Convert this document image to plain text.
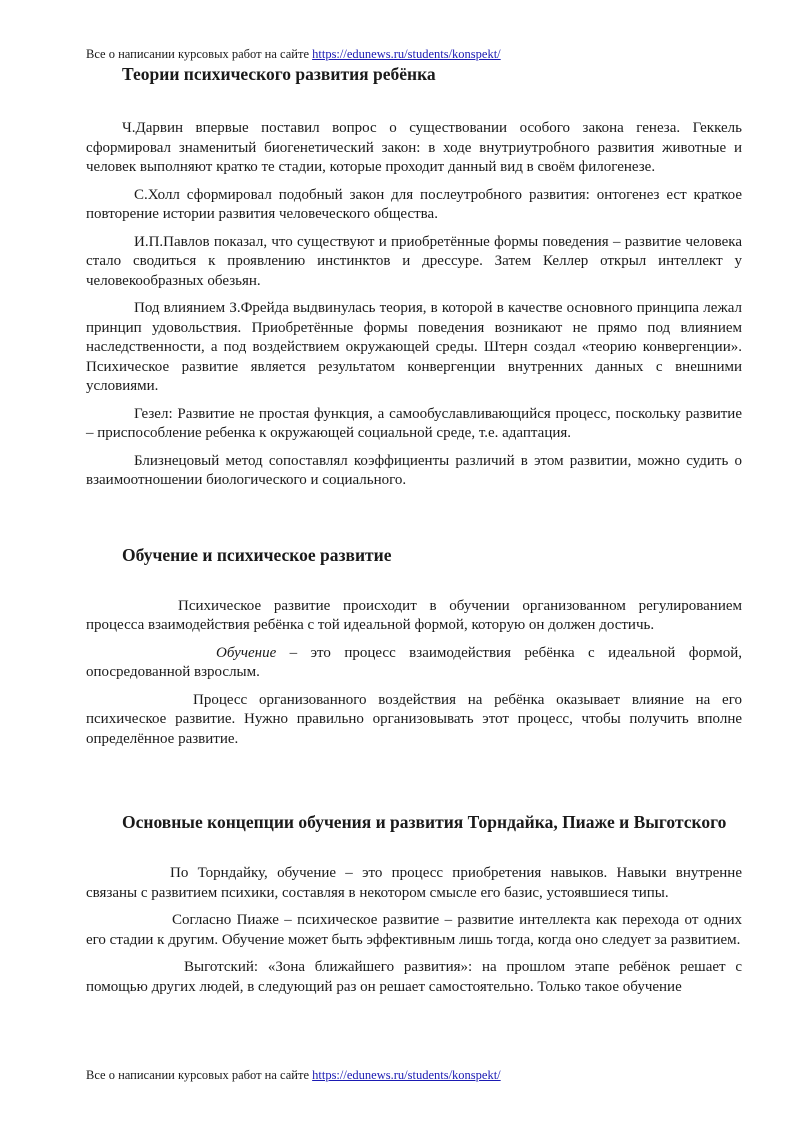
Все о написании курсовых работ на сайте https://edunews.ru/students/konspekt/
Теории психического развития ребёнка

Ч.Дарвин впервые поставил вопрос о существовании особого закона генеза. Геккель сформировал знаменитый биогенетический закон: в ходе внутриутробного развития животные и человек выполняют кратко те стадии, которые проходит данный вид в своём филогенезе.

С.Холл сформировал подобный закон для послеутробного развития: онтогенез ест краткое повторение истории развития человеческого общества.

И.П.Павлов показал, что существуют и приобретённые формы поведения – развитие человека стало сводиться к проявлению инстинктов и дрессуре. Затем Келлер открыл интеллект у человекообразных обезьян.

Под влиянием З.Фрейда выдвинулась теория, в которой в качестве основного принципа лежал принцип удовольствия. Приобретённые формы поведения возникают не прямо под влиянием наследственности, а под воздействием окружающей среды. Штерн создал «теорию конвергенции». Психическое развитие является результатом конвергенции внутренних данных с внешними условиями.

Гезел: Развитие не простая функция, а самообуславливающийся процесс, поскольку развитие – приспособление ребенка к окружающей социальной среде, т.е. адаптация.

Близнецовый метод сопоставлял коэффициенты различий в этом развитии, можно судить о взаимоотношении биологического и социального.

Обучение и психическое развитие

Психическое развитие происходит в обучении организованном регулированием процесса взаимодействия ребёнка с той идеальной формой, которую он должен достичь.

Обучение – это процесс взаимодействия ребёнка с идеальной формой, опосредованной взрослым.

Процесс организованного воздействия на ребёнка оказывает влияние на его психическое развитие. Нужно правильно организовывать этот процесс, чтобы получить вполне определённое развитие.

Основные концепции обучения и развития Торндайка, Пиаже и Выготского

По Торндайку, обучение – это процесс приобретения навыков. Навыки внутренне связаны с развитием психики, составляя в некотором смысле его базис, устоявшиеся типы.

Согласно Пиаже – психическое развитие – развитие интеллекта как перехода от одних его стадии к другим. Обучение может быть эффективным лишь тогда, когда оно следует за развитием.

Выготский: «Зона ближайшего развития»: на прошлом этапе ребёнок решает с помощью других людей, в следующий раз он решает самостоятельно. Только такое обучение

Все о написании курсовых работ на сайте https://edunews.ru/students/konspekt/
